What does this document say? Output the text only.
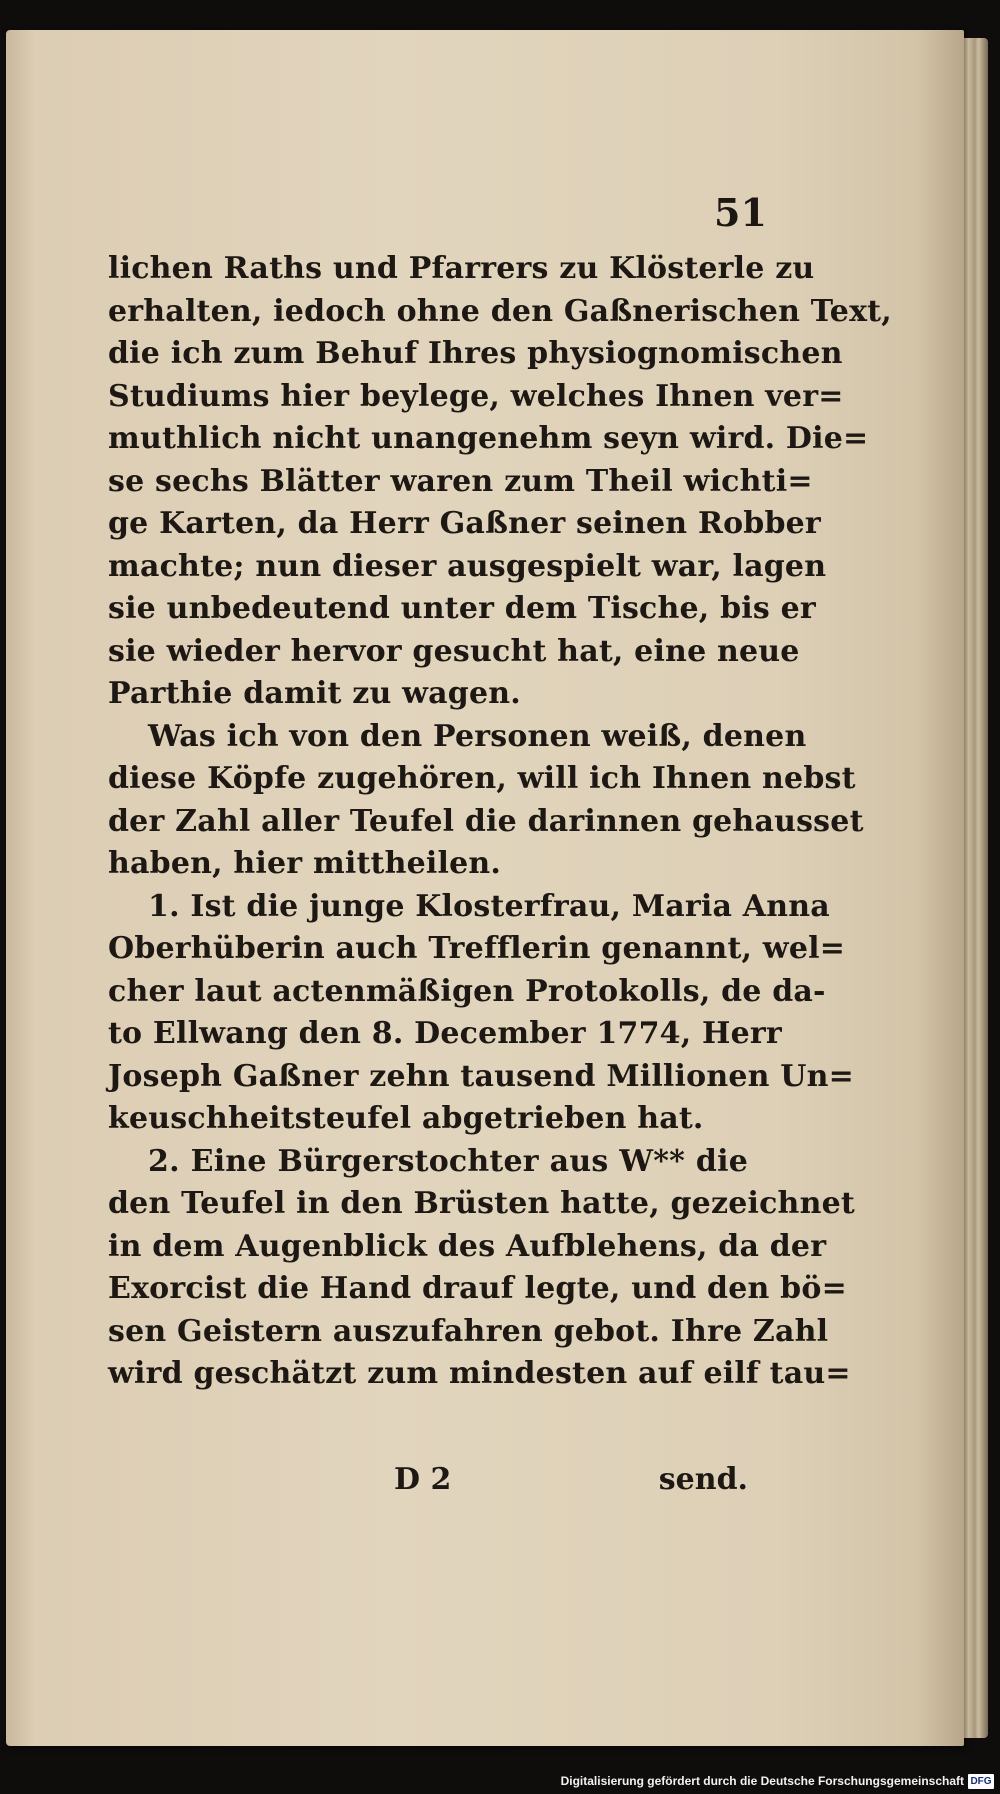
51
lichen Raths und Pfarrers zu Klösterle zu
erhalten, iedoch ohne den Gaßnerischen Text,
die ich zum Behuf Ihres physiognomischen
Studiums hier beylege, welches Ihnen ver=
muthlich nicht unangenehm seyn wird. Die=
se sechs Blätter waren zum Theil wichti=
ge Karten, da Herr Gaßner seinen Robber
machte; nun dieser ausgespielt war, lagen
sie unbedeutend unter dem Tische, bis er
sie wieder hervor gesucht hat, eine neue
Parthie damit zu wagen.
Was ich von den Personen weiß, denen
diese Köpfe zugehören, will ich Ihnen nebst
der Zahl aller Teufel die darinnen gehausset
haben, hier mittheilen.
1. Ist die junge Klosterfrau, Maria Anna
Oberhüberin auch Trefflerin genannt, wel=
cher laut actenmäßigen Protokolls, de da-
to Ellwang den 8. December 1774, Herr
Joseph Gaßner zehn tausend Millionen Un=
keuschheitsteufel abgetrieben hat.
2. Eine Bürgerstochter aus W** die
den Teufel in den Brüsten hatte, gezeichnet
in dem Augenblick des Aufblehens, da der
Exorcist die Hand drauf legte, und den bö=
sen Geistern auszufahren gebot. Ihre Zahl
wird geschätzt zum mindesten auf eilf tau=
D 2	send.
Digitalisierung gefördert durch die Deutsche Forschungsgemeinschaft DFG
